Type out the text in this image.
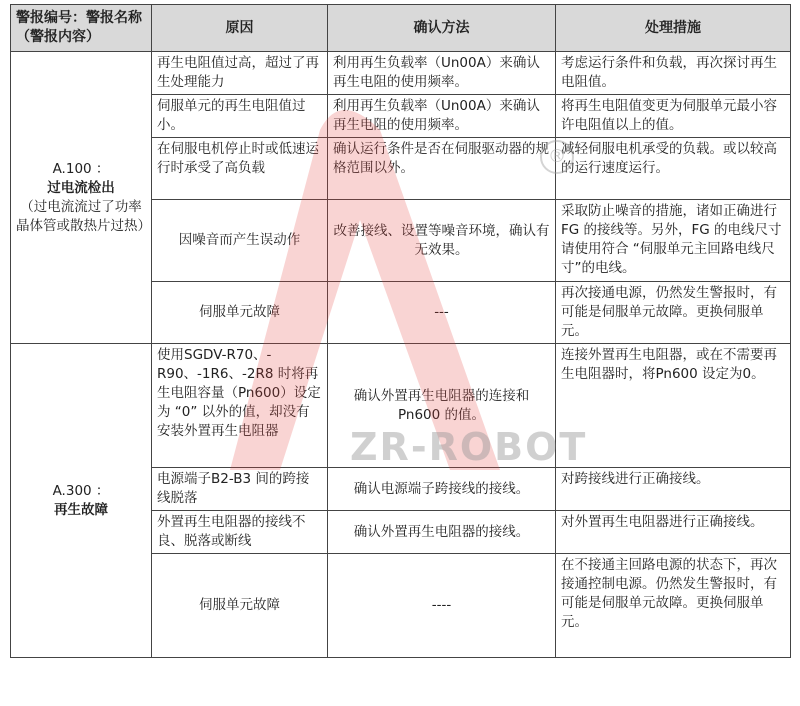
警报编号：警报名称（警报内容）	原因	确认方法	处理措施

A.100 ：
过电流检出
（过电流流过了功率晶体管或散热片过热）	再生电阻值过高，超过了再生处理能力	利用再生负载率（Un00A）来确认再生电阻的使用频率。	考虑运行条件和负载，再次探讨再生电阻值。
	伺服单元的再生电阻值过小。	利用再生负载率（Un00A）来确认再生电阻的使用频率。	将再生电阻值变更为伺服单元最小容许电阻值以上的值。
	在伺服电机停止时或低速运行时承受了高负载	确认运行条件是否在伺服驱动器的规格范围以外。	减轻伺服电机承受的负载。或以较高的运行速度运行。
	因噪音而产生误动作	改善接线、设置等噪音环境，确认有无效果。	采取防止噪音的措施，诸如正确进行FG 的接线等。另外，FG 的电线尺寸请使用符合 “伺服单元主回路电线尺寸”的电线。
	伺服单元故障	---	再次接通电源，仍然发生警报时，有可能是伺服单元故障。更换伺服单元。

A.300 ：
再生故障	使用SGDV-R70、-R90、-1R6、-2R8 时将再生电阻容量（Pn600）设定为 “0” 以外的值，却没有安装外置再生电阻器	确认外置再生电阻器的连接和Pn600 的值。	连接外置再生电阻器，或在不需要再生电阻器时，将Pn600 设定为0。
	电源端子B2-B3 间的跨接线脱落	确认电源端子跨接线的接线。	对跨接线进行正确接线。
	外置再生电阻器的接线不良、脱落或断线	确认外置再生电阻器的接线。	对外置再生电阻器进行正确接线。
	伺服单元故障	----	在不接通主回路电源的状态下，再次接通控制电源。仍然发生警报时，有可能是伺服单元故障。更换伺服单元。
®
ZR-ROBOT
